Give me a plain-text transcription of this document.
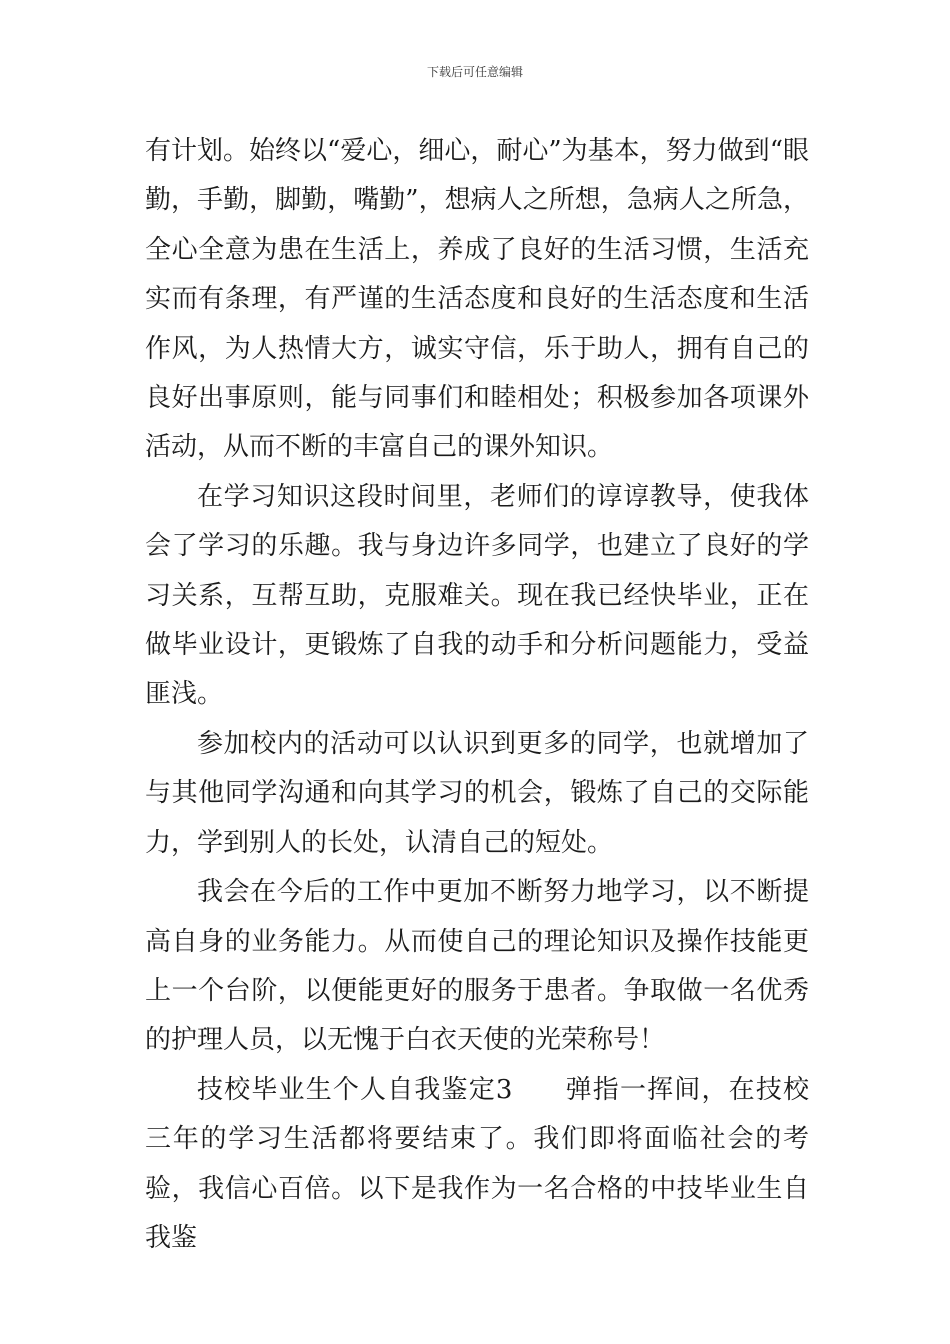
下载后可任意编辑

有计划。始终以“爱心，细心，耐心”为基本，努力做到“眼勤，手勤，脚勤，嘴勤”，想病人之所想，急病人之所急，全心全意为患在生活上，养成了良好的生活习惯，生活充实而有条理，有严谨的生活态度和良好的生活态度和生活作风，为人热情大方，诚实守信，乐于助人，拥有自己的良好出事原则，能与同事们和睦相处；积极参加各项课外活动，从而不断的丰富自己的课外知识。

在学习知识这段时间里，老师们的谆谆教导，使我体会了学习的乐趣。我与身边许多同学，也建立了良好的学习关系，互帮互助，克服难关。现在我已经快毕业，正在做毕业设计，更锻炼了自我的动手和分析问题能力，受益匪浅。

参加校内的活动可以认识到更多的同学，也就增加了与其他同学沟通和向其学习的机会，锻炼了自己的交际能力，学到别人的长处，认清自己的短处。

我会在今后的工作中更加不断努力地学习，以不断提高自身的业务能力。从而使自己的理论知识及操作技能更上一个台阶，以便能更好的服务于患者。争取做一名优秀的护理人员，以无愧于白衣天使的光荣称号！

技校毕业生个人自我鉴定3 弹指一挥间，在技校三年的学习生活都将要结束了。我们即将面临社会的考验，我信心百倍。以下是我作为一名合格的中技毕业生自我鉴
